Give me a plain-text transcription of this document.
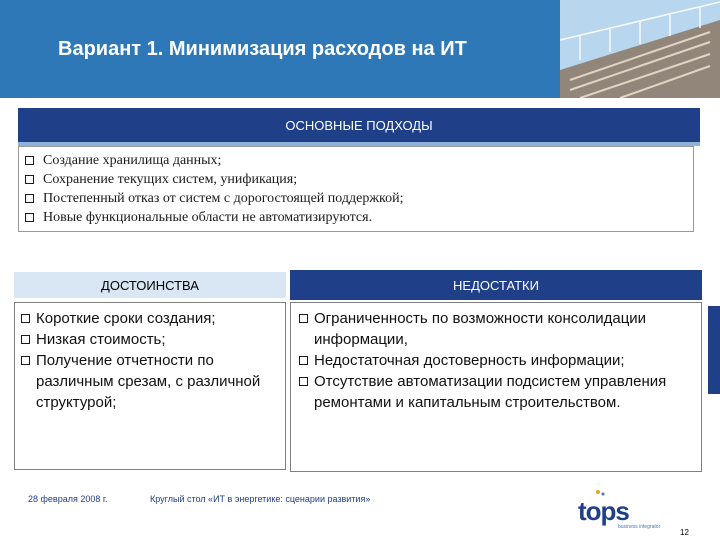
Вариант 1. Минимизация расходов на ИТ
ОСНОВНЫЕ ПОДХОДЫ
Создание хранилища данных;
Сохранение текущих систем, унификация;
Постепенный отказ от систем с дорогостоящей поддержкой;
Новые функциональные области не автоматизируются.
ДОСТОИНСТВА	НЕДОСТАТКИ
Короткие сроки создания;
Низкая стоимость;
Получение отчетности по различным срезам, с различной структурой;
Ограниченность по возможности консолидации информации,
Недостаточная достоверность информации;
Отсутствие автоматизации подсистем управления ремонтами и капитальным строительством.
28 февраля 2008 г.	Круглый стол «ИТ в энергетике: сценарии развития»	tops
business integrator
12
